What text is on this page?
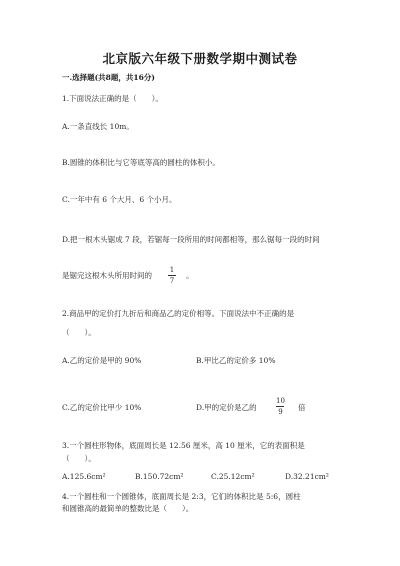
北京版六年级下册数学期中测试卷
一.选择题(共8题，共16分)
1.下面说法正确的是（　　）。
A.一条直线长 10m。
B.圆锥的体积比与它等底等高的圆柱的体积小。
C.一年中有 6 个大月、6 个小月。
D.把一根木头锯成 7 段，若锯每一段所用的时间都相等，那么锯每一段的时间
是锯完这根木头所用时间的
1
7
。
2.商品甲的定价打九折后和商品乙的定价相等。下面说法中不正确的是
（　　）。
A.乙的定价是甲的 90%	B.甲比乙的定价多 10%
C.乙的定价比甲少 10%	D.甲的定价是乙的
10
9 倍
3.一个圆柱形物体，底面周长是 12.56 厘米，高 10 厘米，它的表面积是
（　　）。
A.125.6cm²	B.150.72cm²	C.25.12cm²	D.32.21cm²
4.一个圆柱和一个圆锥体，底面周长是 2:3，它们的体积比是 5:6，圆柱
和圆锥高的最简单的整数比是（　　）。
